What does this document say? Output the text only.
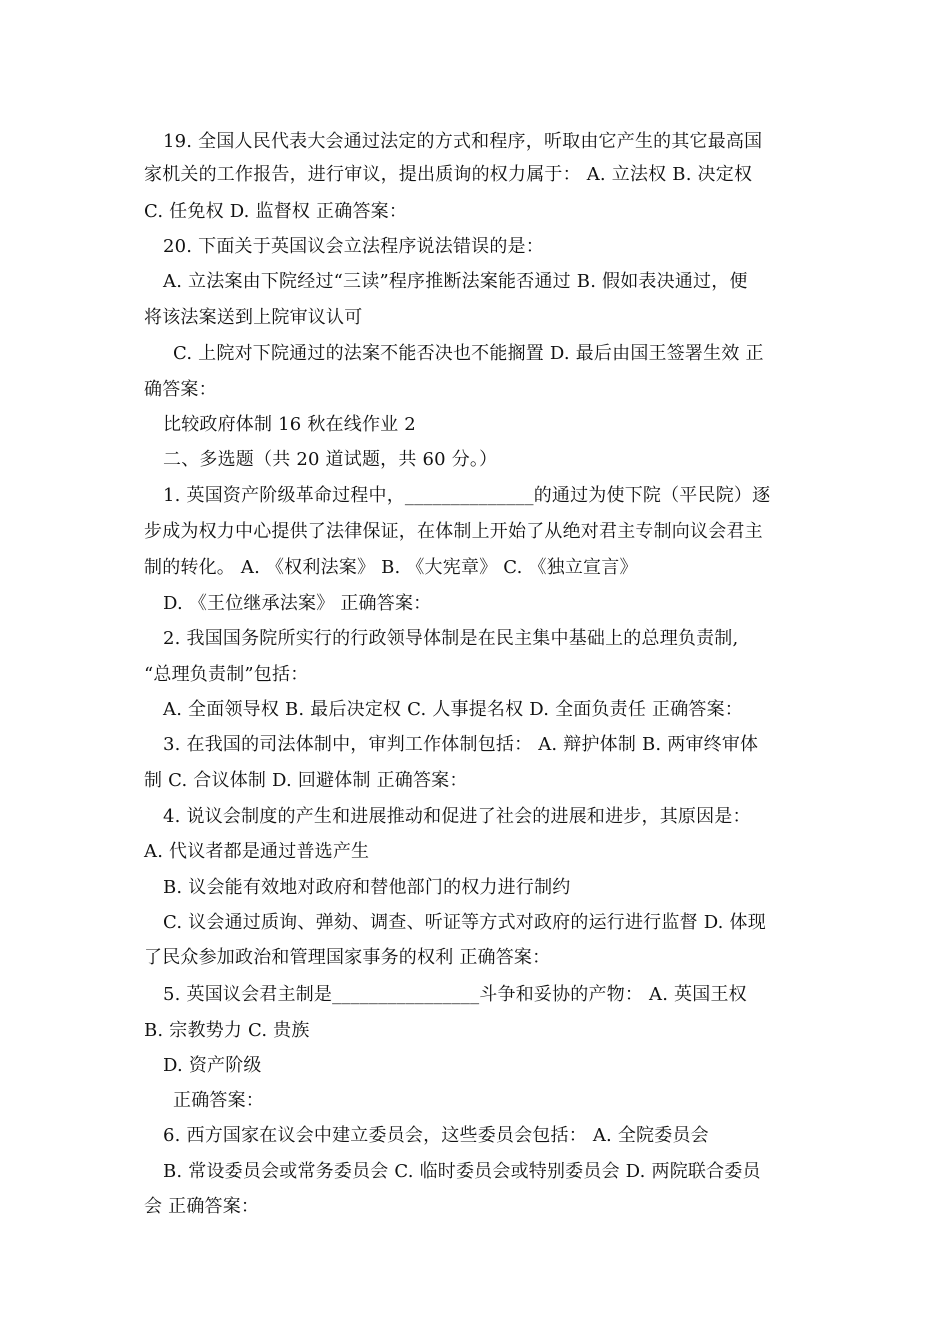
19. 全国人民代表大会通过法定的方式和程序，听取由它产生的其它最高国
家机关的工作报告，进行审议，提出质询的权力属于： A. 立法权 B. 决定权
C. 任免权 D. 监督权 正确答案：
20. 下面关于英国议会立法程序说法错误的是：
A. 立法案由下院经过“三读”程序推断法案能否通过 B. 假如表决通过，便
将该法案送到上院审议认可
C. 上院对下院通过的法案不能否决也不能搁置 D. 最后由国王签署生效 正
确答案：
比较政府体制 16 秋在线作业 2
二、多选题（共 20 道试题，共 60 分。）
1. 英国资产阶级革命过程中，______________的通过为使下院（平民院）逐
步成为权力中心提供了法律保证，在体制上开始了从绝对君主专制向议会君主
制的转化。 A. 《权利法案》 B. 《大宪章》 C. 《独立宣言》
D. 《王位继承法案》 正确答案：
2. 我国国务院所实行的行政领导体制是在民主集中基础上的总理负责制,
“总理负责制”包括：
A. 全面领导权 B. 最后决定权 C. 人事提名权 D. 全面负责任 正确答案：
3. 在我国的司法体制中，审判工作体制包括： A. 辩护体制 B. 两审终审体
制 C. 合议体制 D. 回避体制 正确答案：
4. 说议会制度的产生和进展推动和促进了社会的进展和进步，其原因是：
A. 代议者都是通过普选产生
B. 议会能有效地对政府和替他部门的权力进行制约
C. 议会通过质询、弹劾、调查、听证等方式对政府的运行进行监督 D. 体现
了民众参加政治和管理国家事务的权利 正确答案：
5. 英国议会君主制是________________斗争和妥协的产物： A. 英国王权
B. 宗教势力 C. 贵族
D. 资产阶级
正确答案：
6. 西方国家在议会中建立委员会，这些委员会包括： A. 全院委员会
B. 常设委员会或常务委员会 C. 临时委员会或特别委员会 D. 两院联合委员
会 正确答案：
